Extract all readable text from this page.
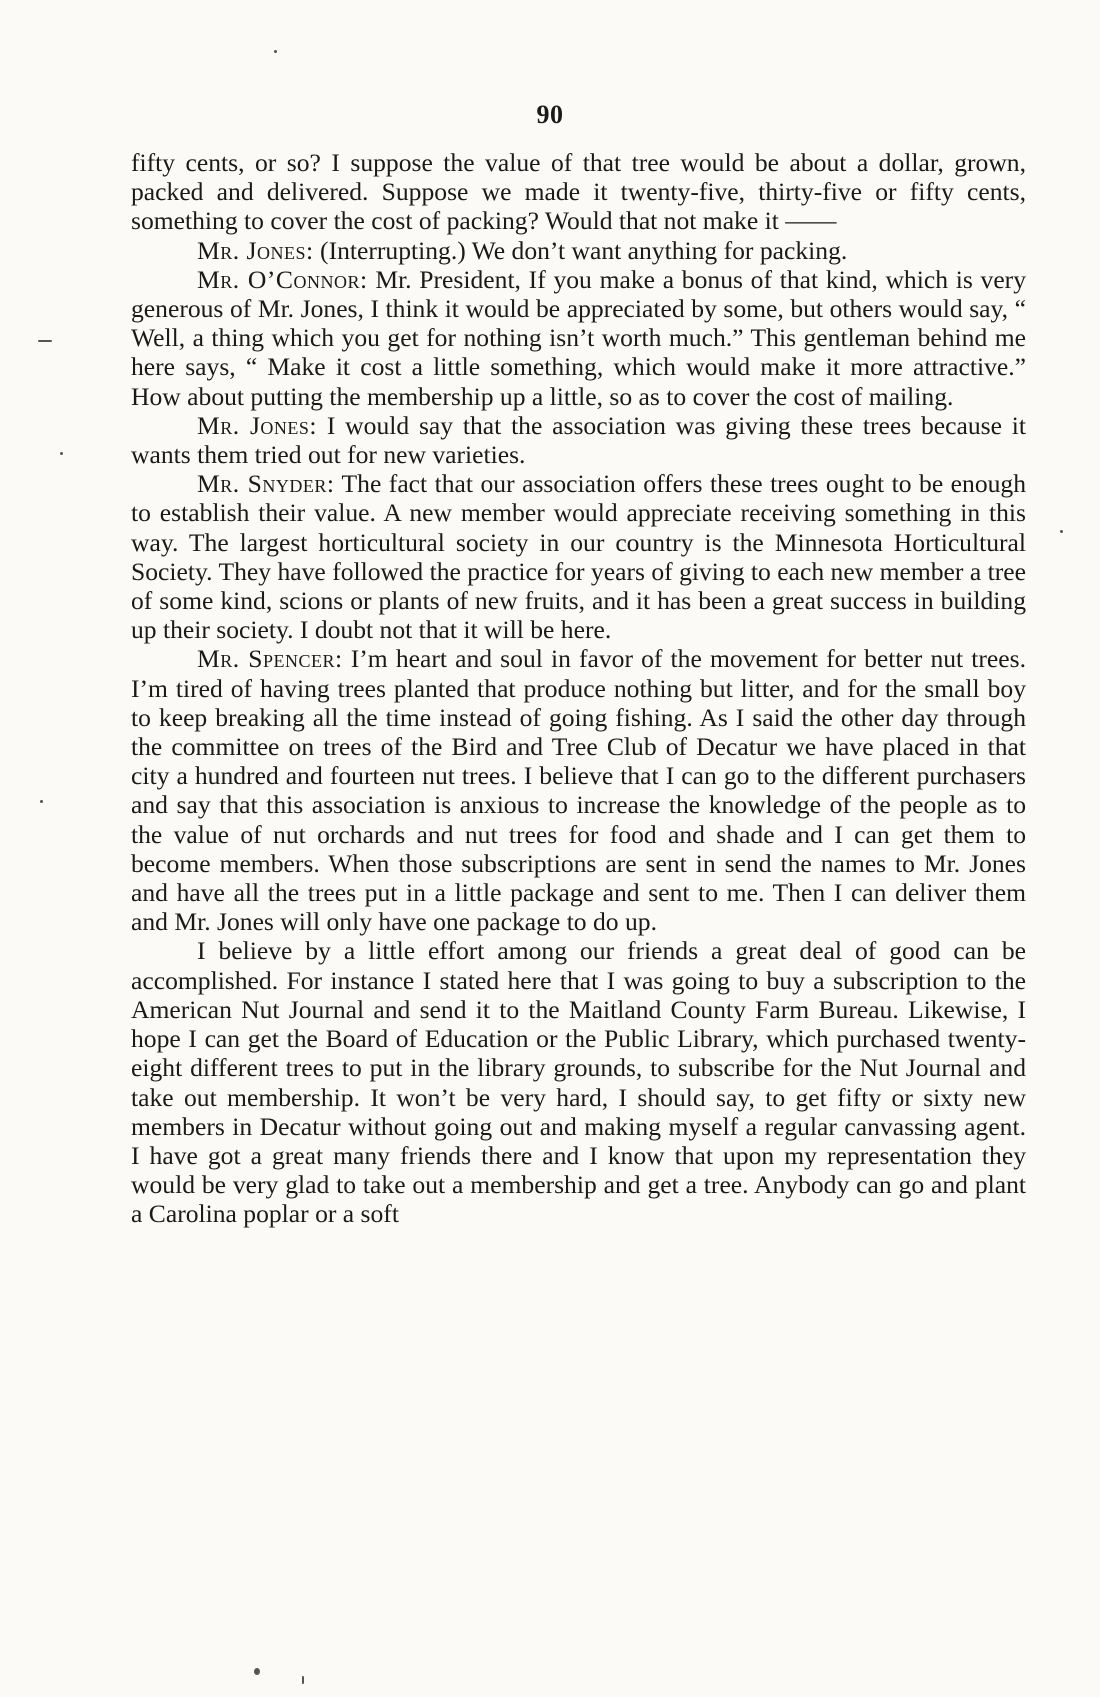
90

fifty cents, or so? I suppose the value of that tree would be about a dollar, grown, packed and delivered. Suppose we made it twenty-five, thirty-five or fifty cents, something to cover the cost of packing? Would that not make it ——

Mr. Jones: (Interrupting.) We don’t want anything for packing.

Mr. O’Connor: Mr. President, If you make a bonus of that kind, which is very generous of Mr. Jones, I think it would be appreciated by some, but others would say, “ Well, a thing which you get for nothing isn’t worth much.” This gentleman behind me here says, “ Make it cost a little something, which would make it more attractive.” How about putting the membership up a little, so as to cover the cost of mailing.

Mr. Jones: I would say that the association was giving these trees because it wants them tried out for new varieties.

Mr. Snyder: The fact that our association offers these trees ought to be enough to establish their value. A new member would appreciate receiving something in this way. The largest horticultural society in our country is the Minnesota Horticultural Society. They have followed the practice for years of giving to each new member a tree of some kind, scions or plants of new fruits, and it has been a great success in building up their society. I doubt not that it will be here.

Mr. Spencer: I’m heart and soul in favor of the movement for better nut trees. I’m tired of having trees planted that produce nothing but litter, and for the small boy to keep breaking all the time instead of going fishing. As I said the other day through the committee on trees of the Bird and Tree Club of Decatur we have placed in that city a hundred and fourteen nut trees. I believe that I can go to the different purchasers and say that this association is anxious to increase the knowledge of the people as to the value of nut orchards and nut trees for food and shade and I can get them to become members. When those subscriptions are sent in send the names to Mr. Jones and have all the trees put in a little package and sent to me. Then I can deliver them and Mr. Jones will only have one package to do up.

I believe by a little effort among our friends a great deal of good can be accomplished. For instance I stated here that I was going to buy a subscription to the American Nut Journal and send it to the Maitland County Farm Bureau. Likewise, I hope I can get the Board of Education or the Public Library, which purchased twenty-eight different trees to put in the library grounds, to subscribe for the Nut Journal and take out membership. It won’t be very hard, I should say, to get fifty or sixty new members in Decatur without going out and making myself a regular canvassing agent. I have got a great many friends there and I know that upon my representation they would be very glad to take out a membership and get a tree. Anybody can go and plant a Carolina poplar or a soft
